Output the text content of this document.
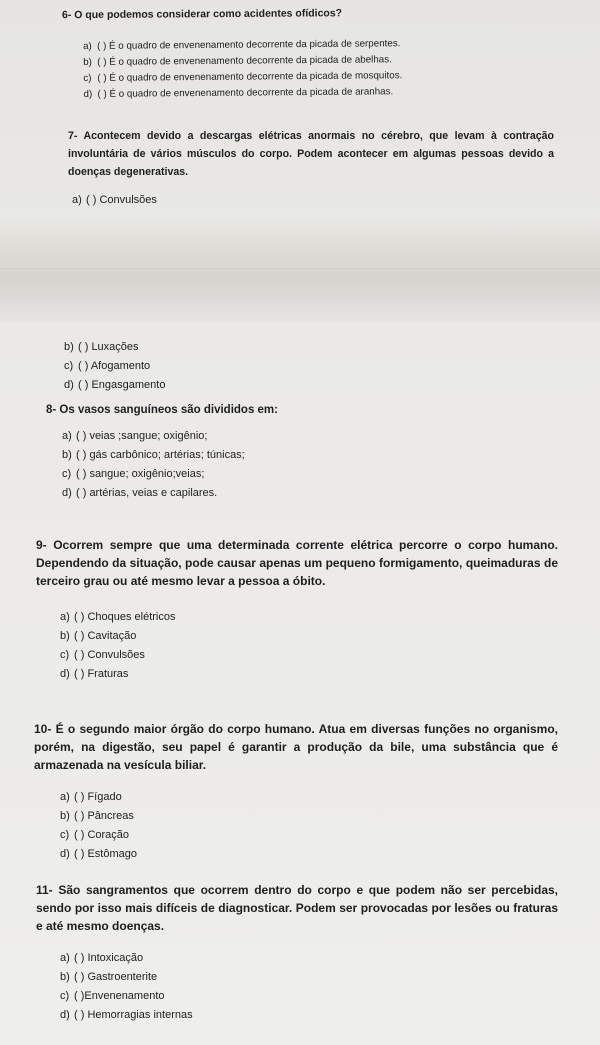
6- O que podemos considerar como acidentes ofídicos?

a) ( ) É o quadro de envenenamento decorrente da picada de serpentes.

b) ( ) É o quadro de envenenamento decorrente da picada de abelhas.

c) ( ) É o quadro de envenenamento decorrente da picada de mosquitos.

d) ( ) É o quadro de envenenamento decorrente da picada de aranhas.

7- Acontecem devido a descargas elétricas anormais no cérebro, que levam à contração involuntária de vários músculos do corpo. Podem acontecer em algumas pessoas devido a doenças degenerativas.

a) ( ) Convulsões

b) ( ) Luxações

c) ( ) Afogamento

d) ( ) Engasgamento

8- Os vasos sanguíneos são divididos em:

a) ( ) veias ;sangue; oxigênio;

b) ( ) gás carbônico; artérias; túnicas;

c) ( ) sangue; oxigênio;veias;

d) ( ) artérias, veias e capilares.

9- Ocorrem sempre que uma determinada corrente elétrica percorre o corpo humano. Dependendo da situação, pode causar apenas um pequeno formigamento, queimaduras de terceiro grau ou até mesmo levar a pessoa a óbito.

a) ( ) Choques elétricos

b) ( ) Cavitação

c) ( ) Convulsões

d) ( ) Fraturas

10- É o segundo maior órgão do corpo humano. Atua em diversas funções no organismo, porém, na digestão, seu papel é garantir a produção da bile, uma substância que é armazenada na vesícula biliar.

a) ( ) Fígado

b) ( ) Pâncreas

c) ( ) Coração

d) ( ) Estômago

11- São sangramentos que ocorrem dentro do corpo e que podem não ser percebidas, sendo por isso mais difíceis de diagnosticar. Podem ser provocadas por lesões ou fraturas e até mesmo doenças.

a) ( ) Intoxicação

b) ( ) Gastroenterite

c) ( )Envenenamento

d) ( ) Hemorragias internas
